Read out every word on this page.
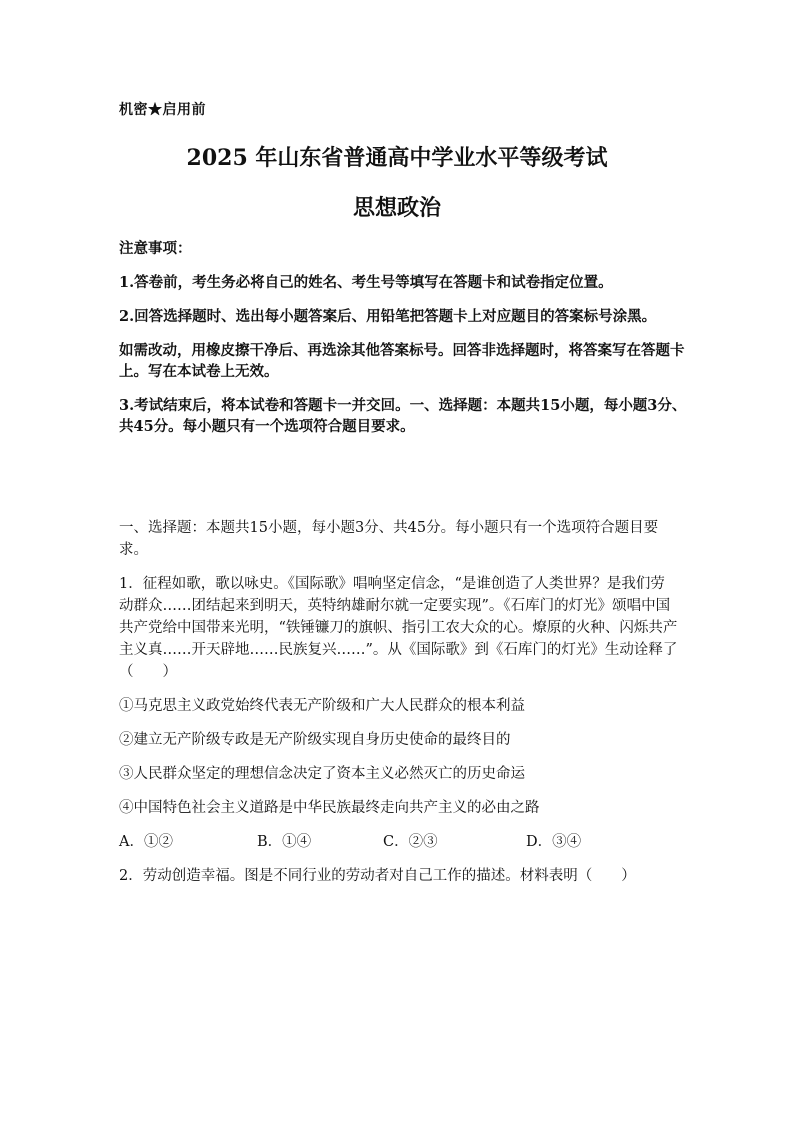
机密★启用前
2025 年山东省普通高中学业水平等级考试
思想政治

注意事项：

1.答卷前，考生务必将自己的姓名、考生号等填写在答题卡和试卷指定位置。

2.回答选择题时、选出每小题答案后、用铅笔把答题卡上对应题目的答案标号涂黑。

如需改动，用橡皮擦干净后、再选涂其他答案标号。回答非选择题时，将答案写在答题卡上。写在本试卷上无效。

3.考试结束后，将本试卷和答题卡一并交回。一、选择题：本题共15小题，每小题3分、共45分。每小题只有一个选项符合题目要求。

一、选择题：本题共15小题，每小题3分、共45分。每小题只有一个选项符合题目要求。

1．征程如歌，歌以咏史。《国际歌》唱响坚定信念，“是谁创造了人类世界？是我们劳动群众……团结起来到明天，英特纳雄耐尔就一定要实现”。《石库门的灯光》颂唱中国共产党给中国带来光明，“铁锤镰刀的旗帜、指引工农大众的心。燎原的火种、闪烁共产主义真……开天辟地……民族复兴……”。从《国际歌》到《石库门的灯光》生动诠释了（　　）

①马克思主义政党始终代表无产阶级和广大人民群众的根本利益

②建立无产阶级专政是无产阶级实现自身历史使命的最终目的

③人民群众坚定的理想信念决定了资本主义必然灭亡的历史命运

④中国特色社会主义道路是中华民族最终走向共产主义的必由之路

A．①②	B．①④	C．②③	D．③④

2．劳动创造幸福。图是不同行业的劳动者对自己工作的描述。材料表明（　　）
